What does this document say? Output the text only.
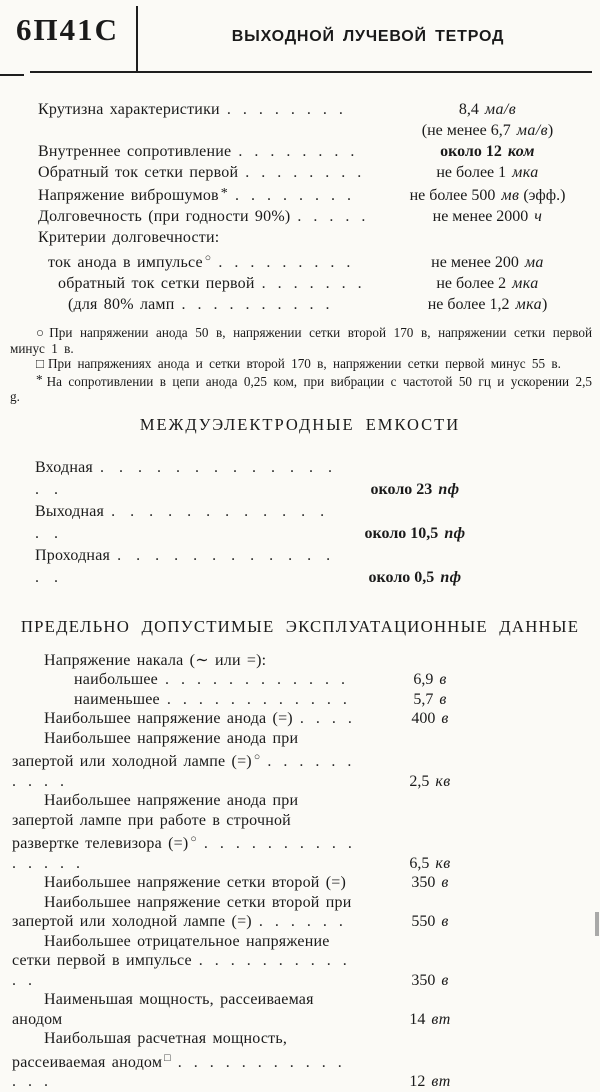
6П41С	ВЫХОДНОЙ ЛУЧЕВОЙ ТЕТРОД
Крутизна характеристики . . . . . . . .	8,4 ма/в
(не менее 6,7 ма/в)
Внутреннее сопротивление . . . . . . . .	около 12 ком
Обратный ток сетки первой . . . . . . . .	не более 1 мка
Напряжение виброшумов * . . . . . . . .	не более 500 мв (эфф.)
Долговечность (при годности 90%) . . . . .	не менее 2000 ч
Критерии долговечности:
ток анода в импульсе ○ . . . . . . . . .	не менее 200 ма
обратный ток сетки первой . . . . . . .	не более 2 мка
(для 80% ламп . . . . . . . . . .	не более 1,2 мка)

○ При напряжении анода 50 в, напряжении сетки второй 170 в, напряжении сетки первой минус 1 в.

□ При напряжениях анода и сетки второй 170 в, напряжении сетки первой минус 55 в.

* На сопротивлении в цепи анода 0,25 ком, при вибрации с частотой 50 гц и ускорении 2,5 g.

МЕЖДУЭЛЕКТРОДНЫЕ ЕМКОСТИ
Входная . . . . . . . . . . . . . . .	около 23 пф
Выходная . . . . . . . . . . . . . .	около 10,5 пф
Проходная . . . . . . . . . . . . . .	около 0,5 пф
ПРЕДЕЛЬНО ДОПУСТИМЫЕ ЭКСПЛУАТАЦИОННЫЕ ДАННЫЕ
Напряжение накала (∼ или =):
наибольшее . . . . . . . . . . . .	6,9 в
наименьшее . . . . . . . . . . . .	5,7 в
Наибольшее напряжение анода (=) . . . .	400 в
Наибольшее напряжение анода при запертой или холодной лампе (=) ○ . . . . . . . . . .	2,5 кв
Наибольшее напряжение анода при запертой лампе при работе в строчной развертке телевизора (=) ○ . . . . . . . . . . . . . . .	6,5 кв
Наибольшее напряжение сетки второй (=)	350 в
Наибольшее напряжение сетки второй при запертой или холодной лампе (=) . . . . . .	550 в
Наибольшее отрицательное напряжение сетки первой в импульсе . . . . . . . . . . . .	350 в
Наименьшая мощность, рассеиваемая анодом	14 вт
Наибольшая расчетная мощность, рассеиваемая анодом □ . . . . . . . . . . . . . .	12 вт
